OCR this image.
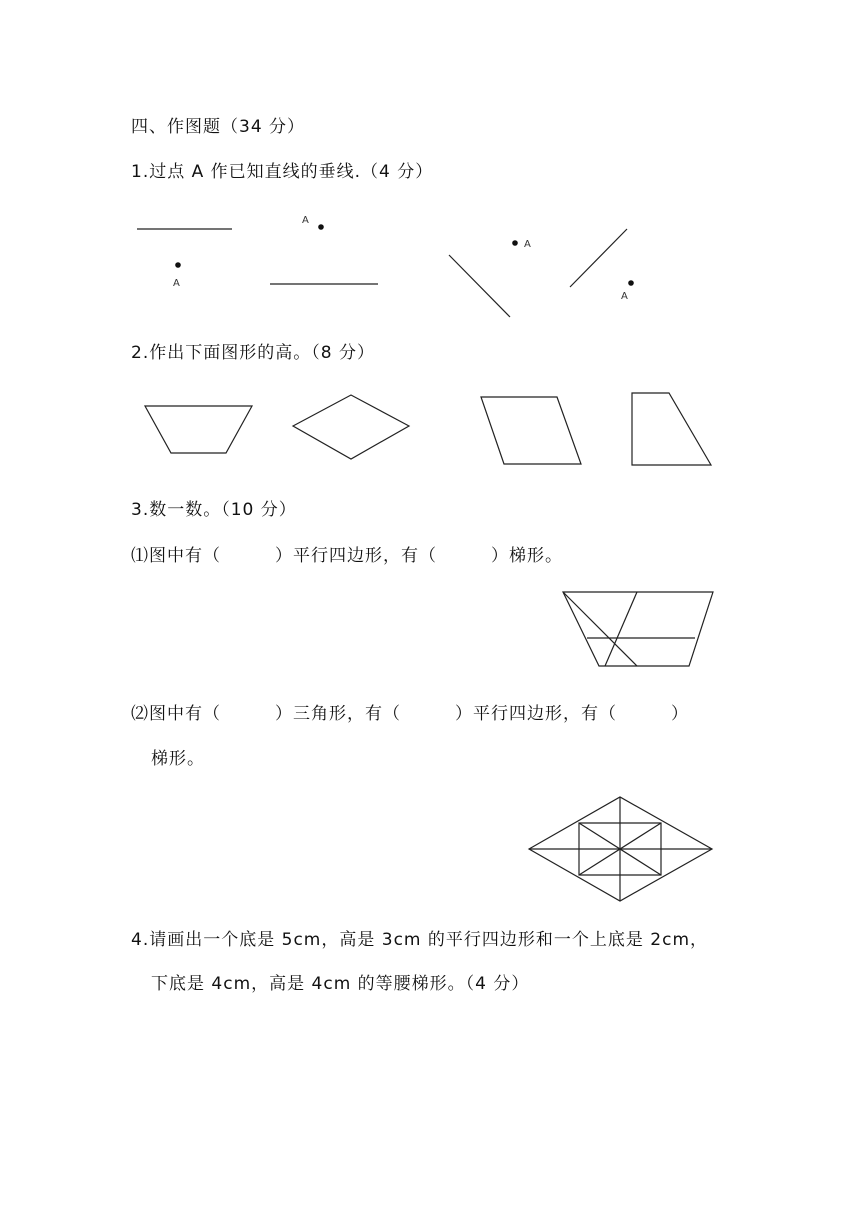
四、作图题（34 分）
1.过点 A 作已知直线的垂线.（4 分）
2.作出下面图形的高。（8 分）
3.数一数。（10 分）
⑴图中有（　　　）平行四边形，有（　　　）梯形。
⑵图中有（　　　）三角形，有（　　　）平行四边形，有（　　　）
梯形。
4.请画出一个底是 5cm，高是 3cm 的平行四边形和一个上底是 2cm，
下底是 4cm，高是 4cm 的等腰梯形。（4 分）
A
A
A
A
